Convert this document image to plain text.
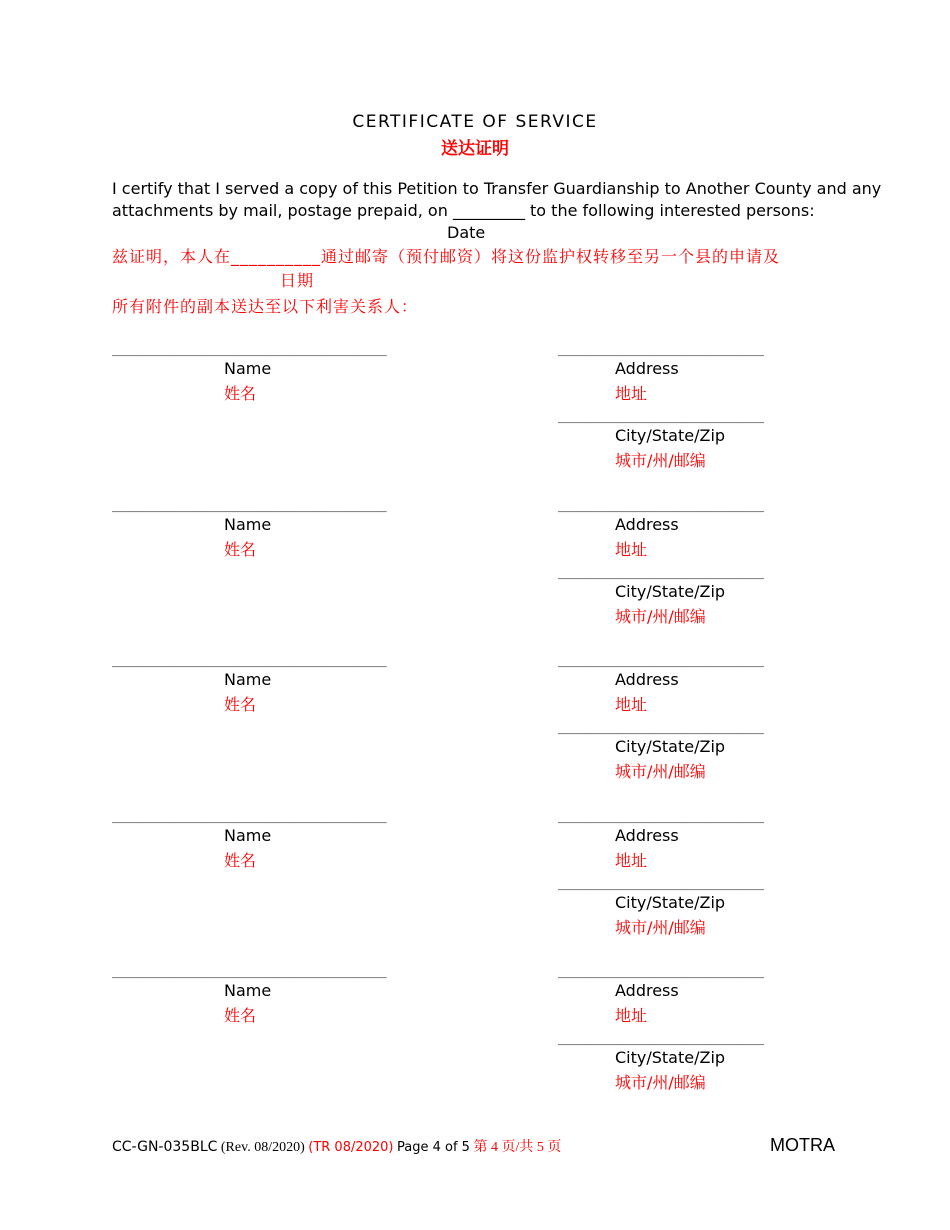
CERTIFICATE OF SERVICE
送达证明
I certify that I served a copy of this Petition to Transfer Guardianship to Another County and any
attachments by mail, postage prepaid, on _________ to the following interested persons:
Date
兹证明，本人在__________通过邮寄（预付邮资）将这份监护权转移至另一个县的申请及
日期
所有附件的副本送达至以下利害关系人：
____________________________________
Name
姓名
___________________________
Address
地址
___________________________
City/State/Zip
城市/州/邮编
____________________________________
Name
姓名
___________________________
Address
地址
___________________________
City/State/Zip
城市/州/邮编
____________________________________
Name
姓名
___________________________
Address
地址
___________________________
City/State/Zip
城市/州/邮编
____________________________________
Name
姓名
___________________________
Address
地址
___________________________
City/State/Zip
城市/州/邮编
____________________________________
Name
姓名
___________________________
Address
地址
___________________________
City/State/Zip
城市/州/邮编
CC-GN-035BLC (Rev. 08/2020) (TR 08/2020) Page 4 of 5 第 4 页/共 5 页	MOTRA
